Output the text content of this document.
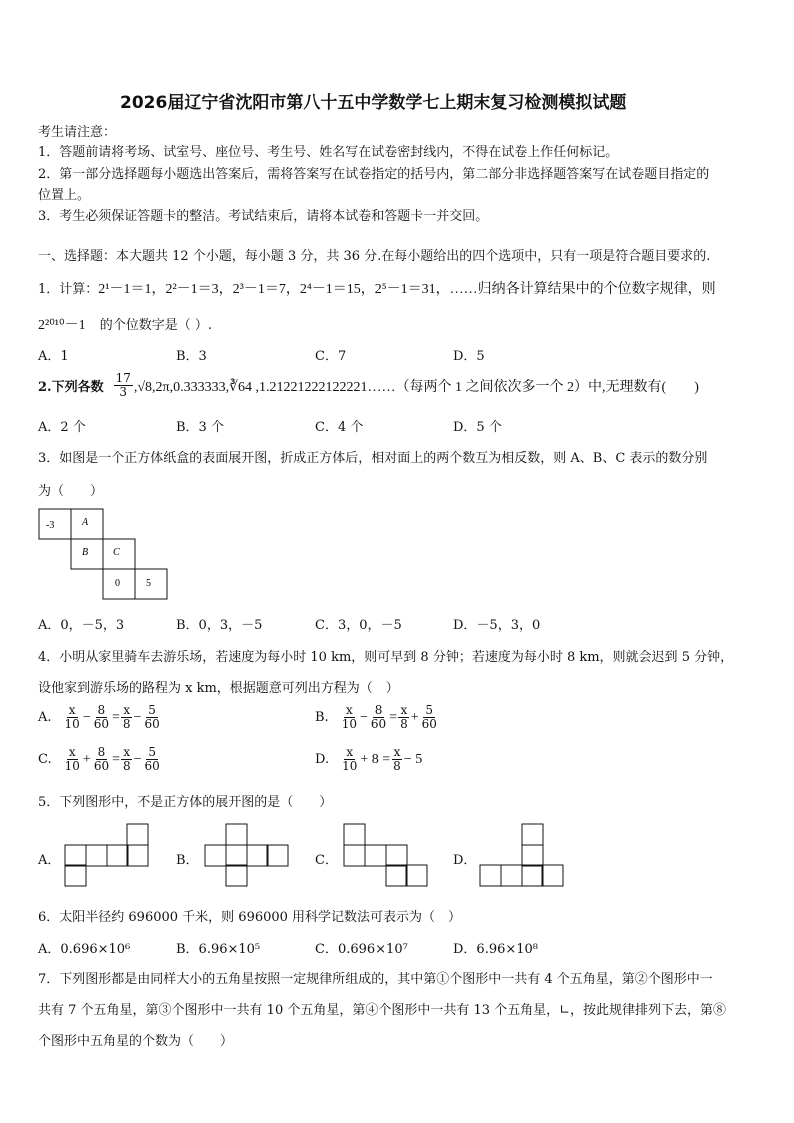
2026届辽宁省沈阳市第八十五中学数学七上期末复习检测模拟试题
考生请注意：
1．答题前请将考场、试室号、座位号、考生号、姓名写在试卷密封线内，不得在试卷上作任何标记。
2．第一部分选择题每小题选出答案后，需将答案写在试卷指定的括号内，第二部分非选择题答案写在试卷题目指定的
位置上。
3．考生必须保证答题卡的整洁。考试结束后，请将本试卷和答题卡一并交回。
一、选择题：本大题共 12 个小题，每小题 3 分，共 36 分.在每小题给出的四个选项中，只有一项是符合题目要求的.
1．计算：2¹－1＝1，2²－1＝3，2³－1＝7，2⁴－1＝15，2⁵－1＝31，……归纳各计算结果中的个位数字规律，则
2²⁰¹⁰－1 的个位数字是（ ）.
A．1	B．3	C．7	D．5
2.下列各数 $\frac{17}{3}$ ,√8,2π,0.333333,∛64 ,1.21221222122221……（每两个 1 之间依次多一个 2）中,无理数有(　　)
A．2 个	B．3 个	C．4 个	D．5 个
3．如图是一个正方体纸盒的表面展开图，折成正方体后，相对面上的两个数互为相反数，则 A、B、C 表示的数分别
为（　　）
-3	A
B C
0	5
A．0，－5，3	B．0，3，－5	C．3，0，－5	D．－5，3，0
4．小明从家里骑车去游乐场，若速度为每小时 10 km，则可早到 8 分钟；若速度为每小时 8 km，则就会迟到 5 分钟，
设他家到游乐场的路程为 x km，根据题意可列出方程为（　）
A. $\frac{x}{10} - \frac{8}{60} = \frac{x}{8} - \frac{5}{60}$	B. $\frac{x}{10} - \frac{8}{60} = \frac{x}{8} + \frac{5}{60}$
C. $\frac{x}{10} + \frac{8}{60} = \frac{x}{8} - \frac{5}{60}$	D. $\frac{x}{10} + 8 = \frac{x}{8} - 5$
5．下列图形中，不是正方体的展开图的是（　　）
A．	B．	C．	D．
6．太阳半径约 696000 千米，则 696000 用科学记数法可表示为（　）
A．0.696×10⁶	B．6.96×10⁵	C．0.696×10⁷	D．6.96×10⁸
7．下列图形都是由同样大小的五角星按照一定规律所组成的，其中第①个图形中一共有 4 个五角星，第②个图形中一
共有 7 个五角星，第③个图形中一共有 10 个五角星，第④个图形中一共有 13 个五角星，∟，按此规律排列下去，第⑧
个图形中五角星的个数为（　　）
